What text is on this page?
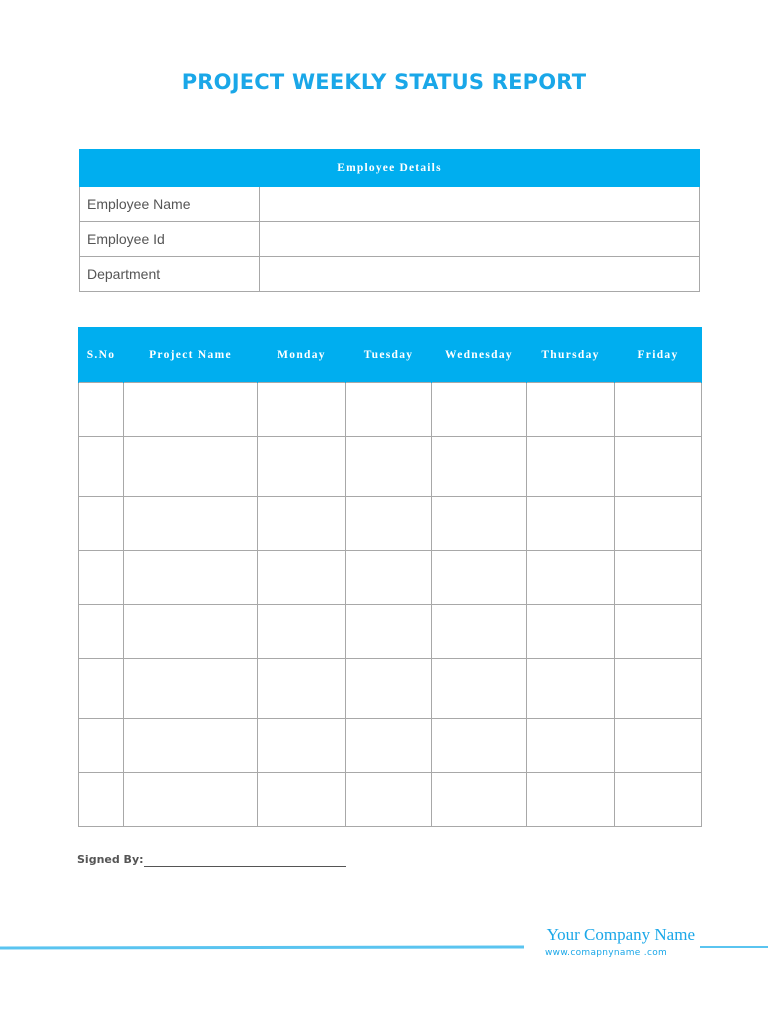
PROJECT WEEKLY STATUS REPORT
Employee Details	
Employee Name	
Employee Id	
Department	
S.No	Project Name	Monday	Tuesday	Wednesday	Thursday	Friday

Signed By:
Your Company Name
www.comapnyname .com
